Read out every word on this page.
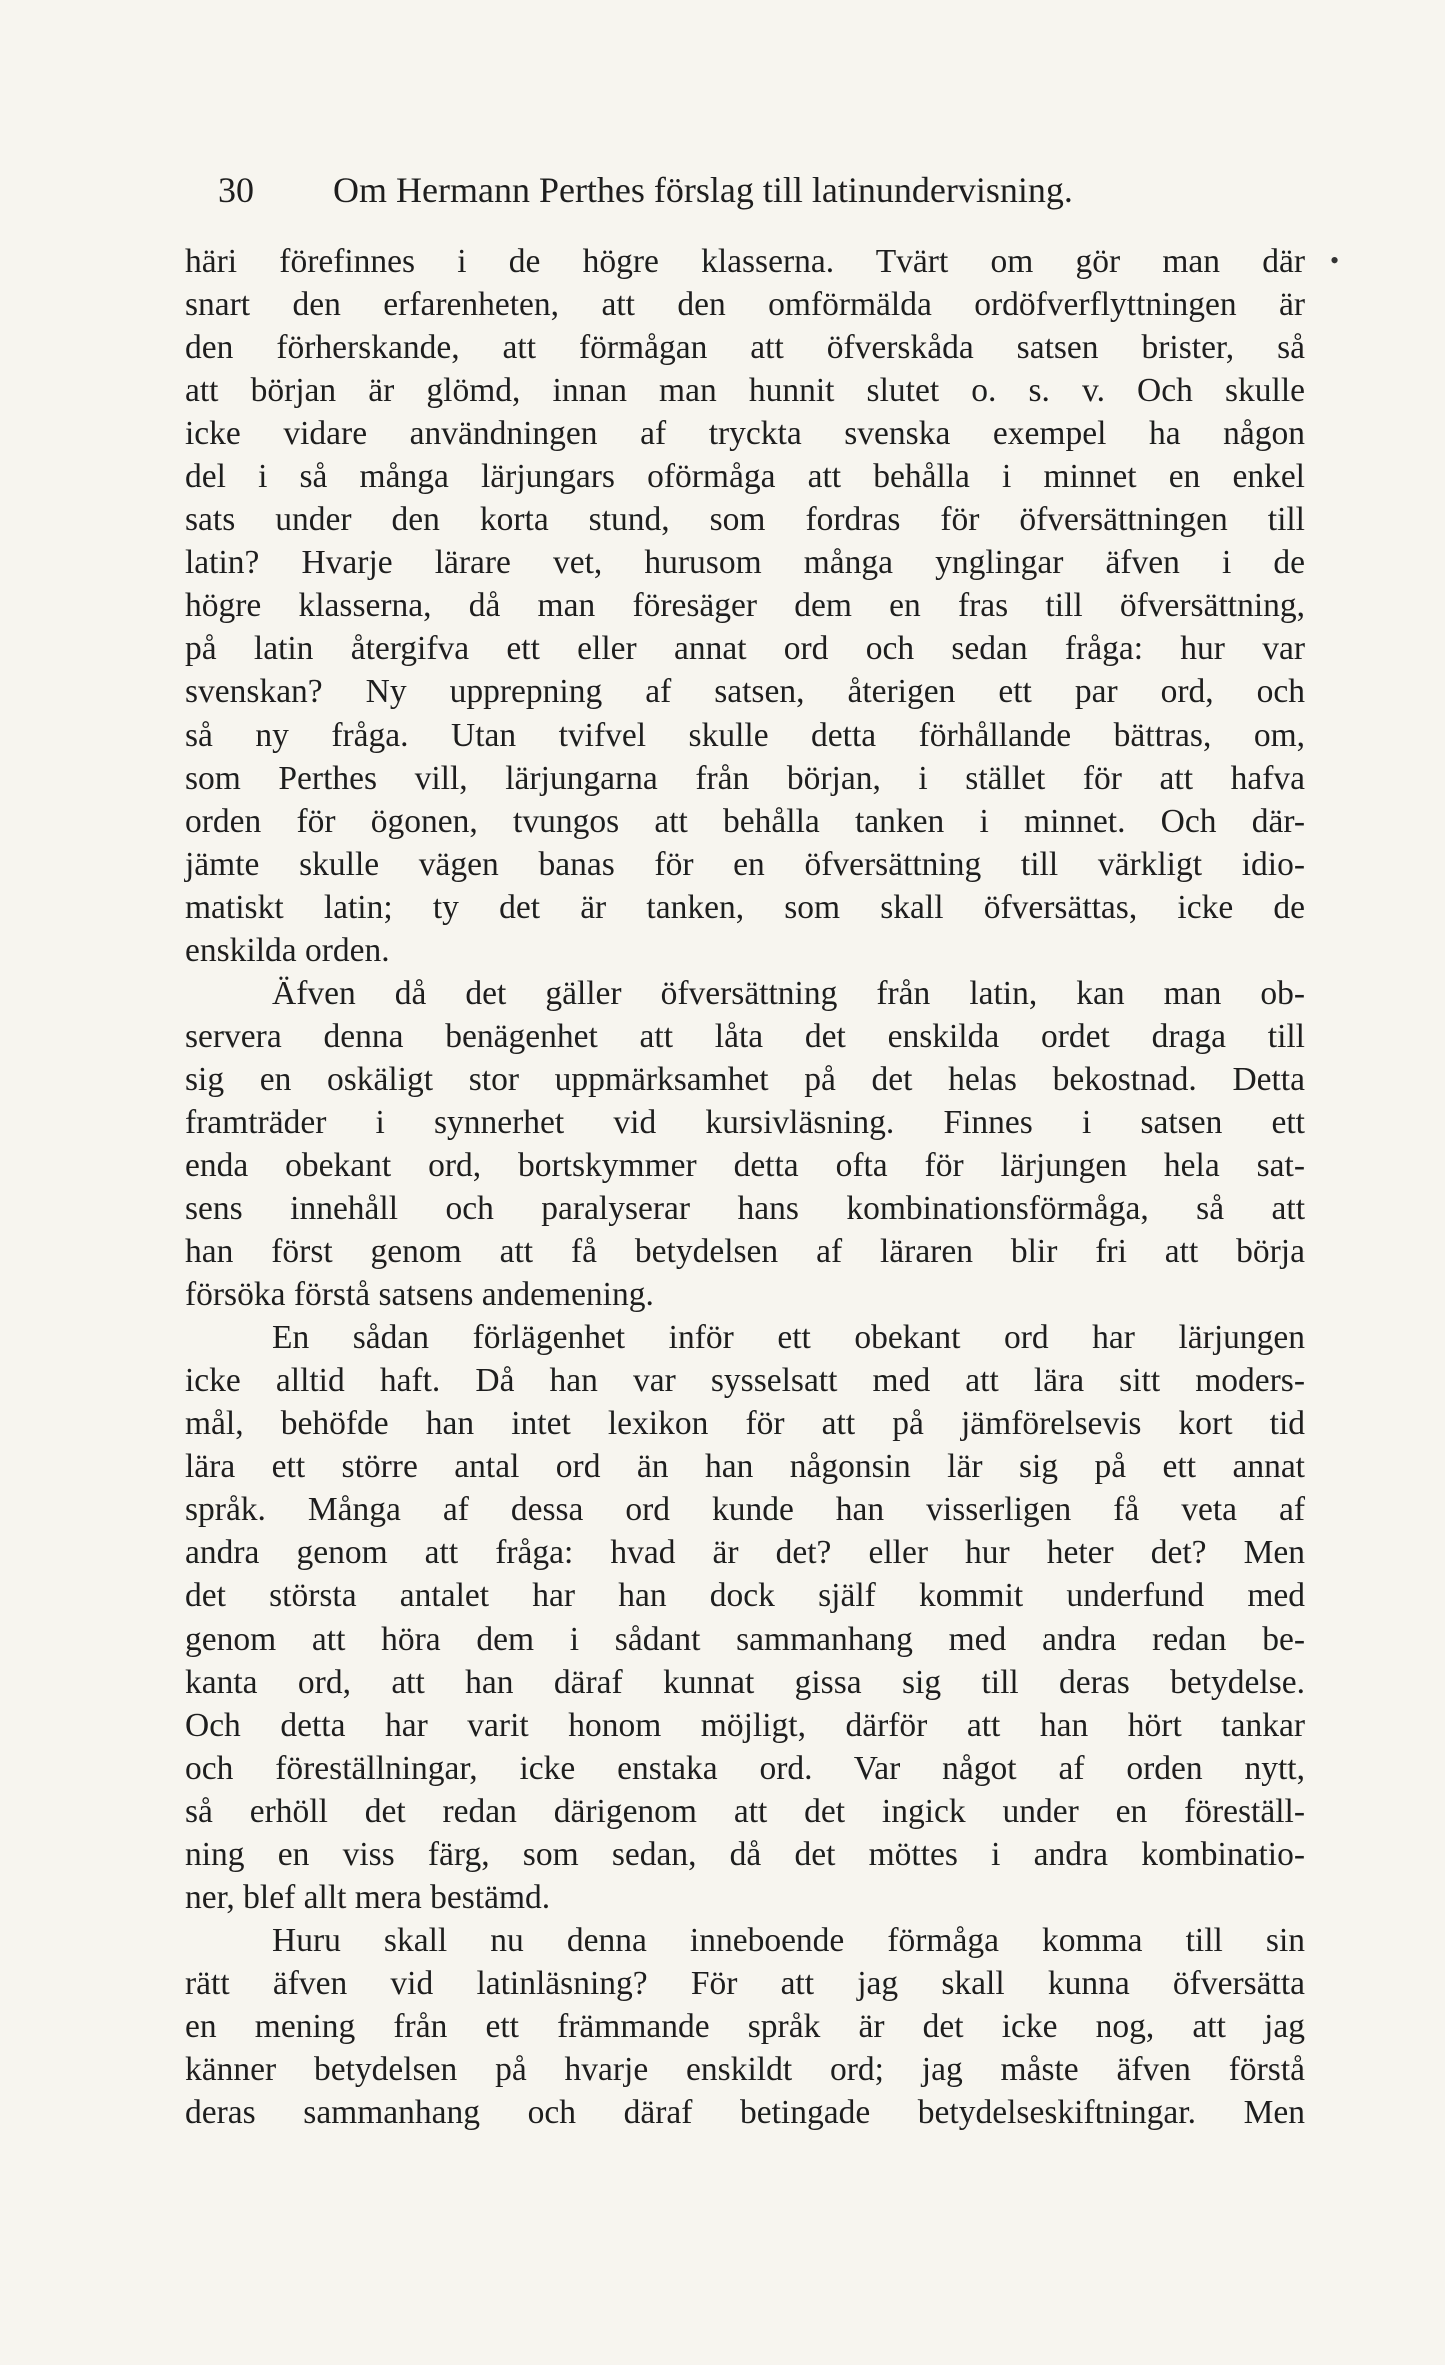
30 Om Hermann Perthes förslag till latinundervisning.
•
häri förefinnes i de högre klasserna. Tvärt om gör man där
snart den erfarenheten, att den omförmälda ordöfverflyttningen är
den förherskande, att förmågan att öfverskåda satsen brister, så
att början är glömd, innan man hunnit slutet o. s. v. Och skulle
icke vidare användningen af tryckta svenska exempel ha någon
del i så många lärjungars oförmåga att behålla i minnet en enkel
sats under den korta stund, som fordras för öfversättningen till
latin? Hvarje lärare vet, hurusom många ynglingar äfven i de
högre klasserna, då man föresäger dem en fras till öfversättning,
på latin återgifva ett eller annat ord och sedan fråga: hur var
svenskan? Ny upprepning af satsen, återigen ett par ord, och
så ny fråga. Utan tvifvel skulle detta förhållande bättras, om,
som Perthes vill, lärjungarna från början, i stället för att hafva
orden för ögonen, tvungos att behålla tanken i minnet. Och där-
jämte skulle vägen banas för en öfversättning till värkligt idio-
matiskt latin; ty det är tanken, som skall öfversättas, icke de
enskilda orden.
Äfven då det gäller öfversättning från latin, kan man ob-
servera denna benägenhet att låta det enskilda ordet draga till
sig en oskäligt stor uppmärksamhet på det helas bekostnad. Detta
framträder i synnerhet vid kursivläsning. Finnes i satsen ett
enda obekant ord, bortskymmer detta ofta för lärjungen hela sat-
sens innehåll och paralyserar hans kombinationsförmåga, så att
han först genom att få betydelsen af läraren blir fri att börja
försöka förstå satsens andemening.
En sådan förlägenhet inför ett obekant ord har lärjungen
icke alltid haft. Då han var sysselsatt med att lära sitt moders-
mål, behöfde han intet lexikon för att på jämförelsevis kort tid
lära ett större antal ord än han någonsin lär sig på ett annat
språk. Många af dessa ord kunde han visserligen få veta af
andra genom att fråga: hvad är det? eller hur heter det? Men
det största antalet har han dock själf kommit underfund med
genom att höra dem i sådant sammanhang med andra redan be-
kanta ord, att han däraf kunnat gissa sig till deras betydelse.
Och detta har varit honom möjligt, därför att han hört tankar
och föreställningar, icke enstaka ord. Var något af orden nytt,
så erhöll det redan därigenom att det ingick under en föreställ-
ning en viss färg, som sedan, då det möttes i andra kombinatio-
ner, blef allt mera bestämd.
Huru skall nu denna inneboende förmåga komma till sin
rätt äfven vid latinläsning? För att jag skall kunna öfversätta
en mening från ett främmande språk är det icke nog, att jag
känner betydelsen på hvarje enskildt ord; jag måste äfven förstå
deras sammanhang och däraf betingade betydelseskiftningar. Men
